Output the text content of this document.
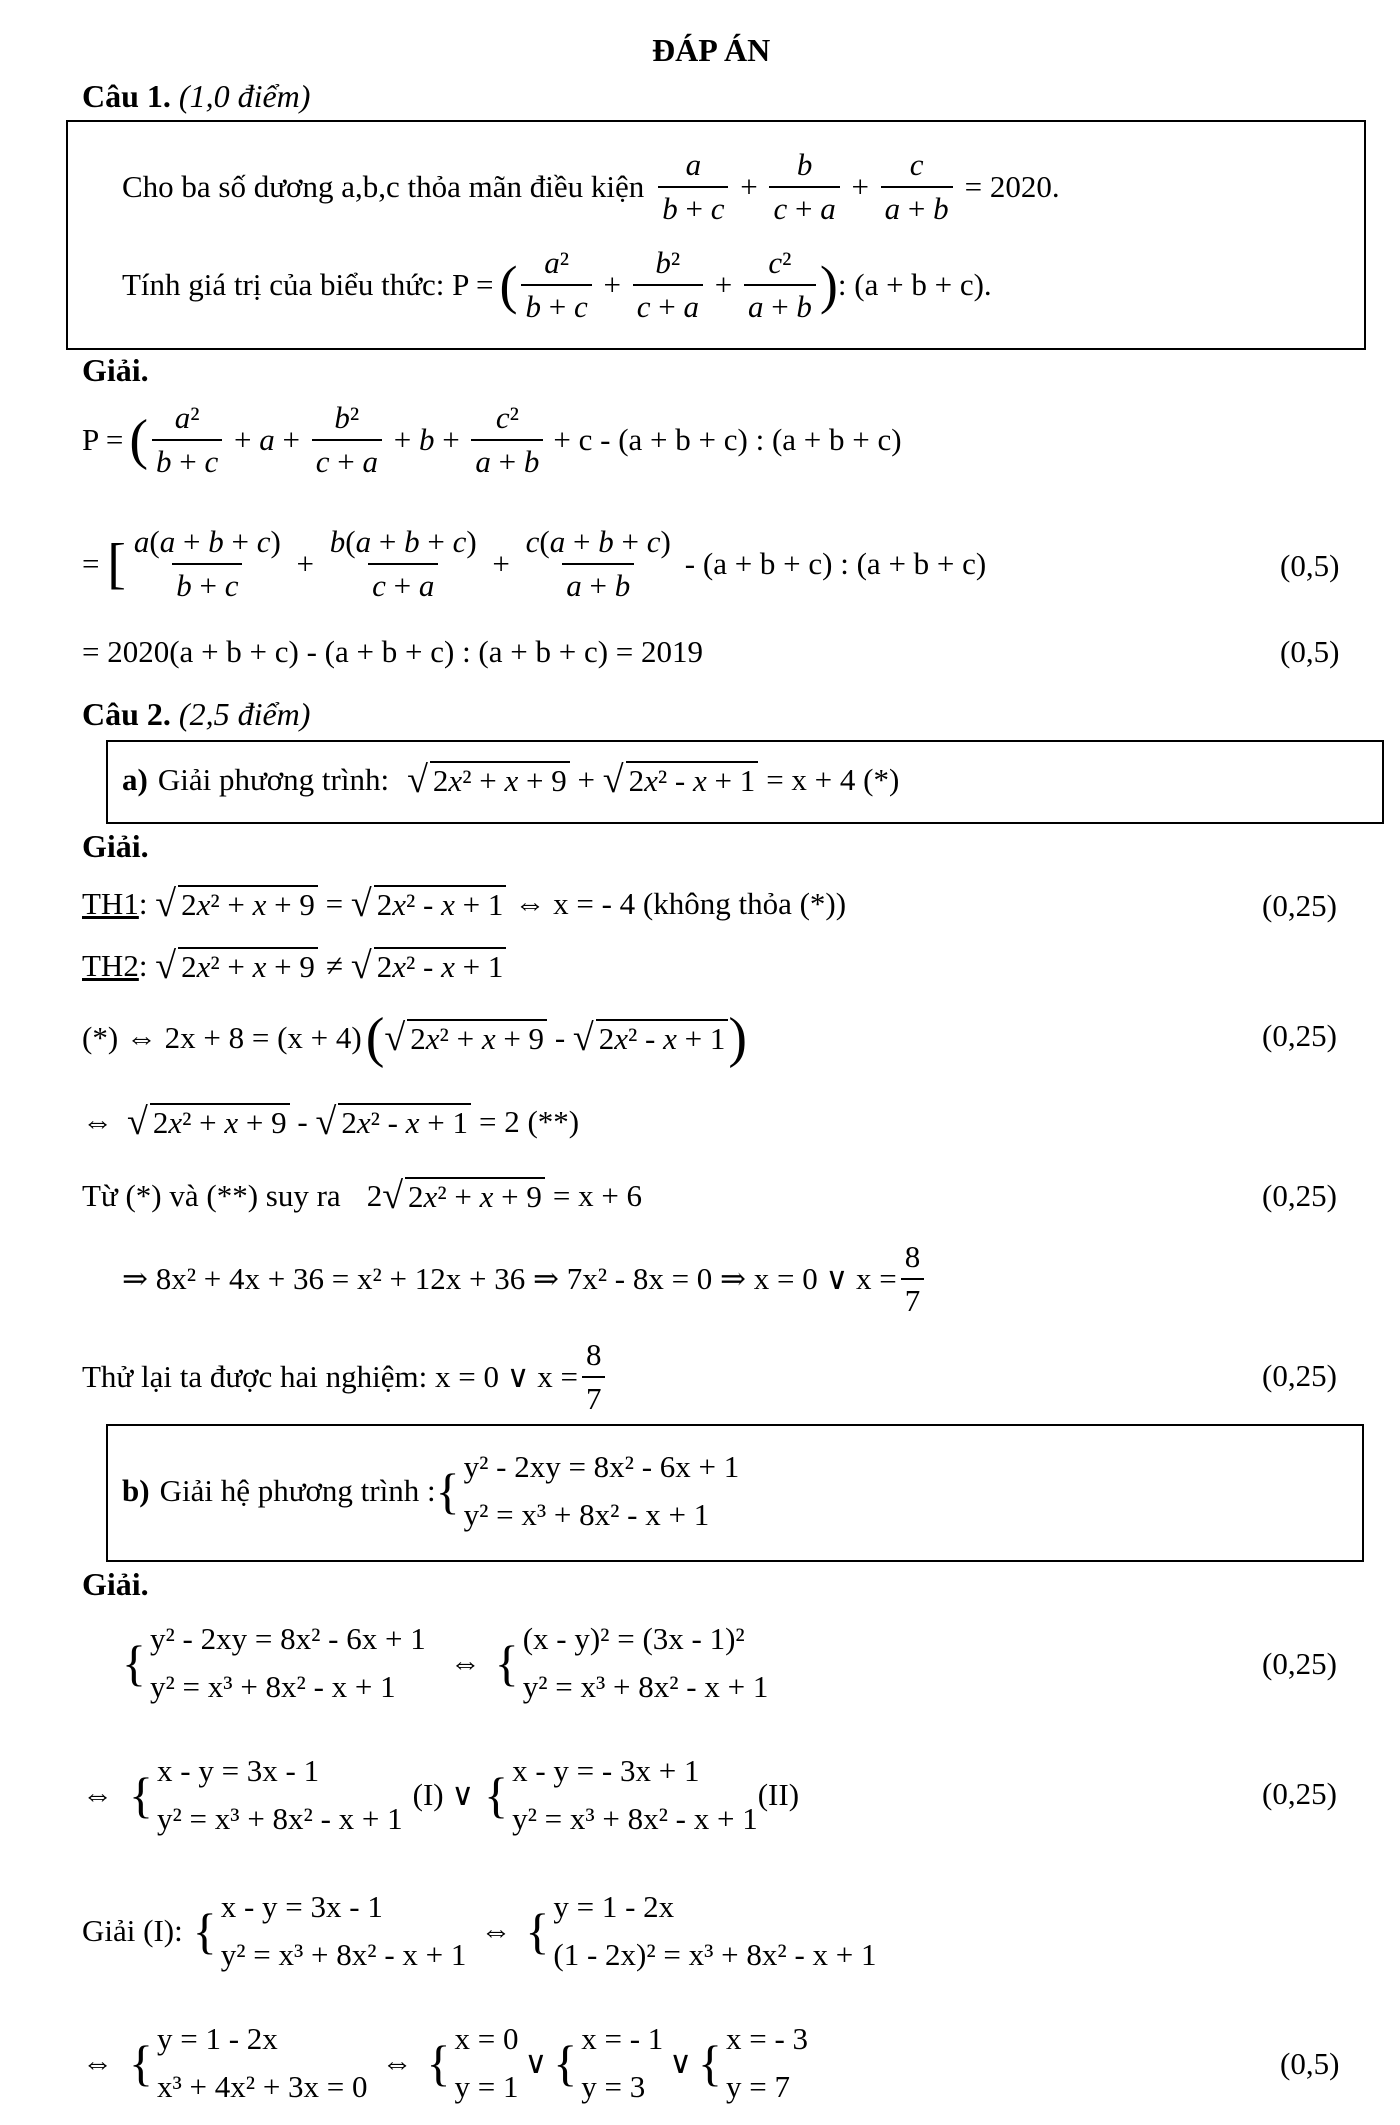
ĐÁP ÁN
Câu 1. (1,0 điểm)
Cho ba số dương a,b,c thỏa mãn điều kiện $\frac{a}{b + c} + \frac{b}{c + a} + \frac{c}{a + b} = 2020$.
Tính giá trị của biểu thức: P = ( $\frac{\text{a²}}{b + c} + \frac{\text{b²}}{c + a} + \frac{\text{c²}}{a + b}$ ) : (a + b + c).
Giải.
P = ( $\frac{\text{a²}}{b + c} + a + \frac{\text{b²}}{c + a} + b + \frac{\text{c²}}{a + b} + c - (a + b + c)$ : (a + b + c)
= [ $\frac{a(a + b + c)}{b + c} + \frac{b(a + b + c)}{c + a} + \frac{c(a + b + c)}{a + b} - (a + b + c)$ : (a + b + c)	(0,5)
= 2020(a + b + c) - (a + b + c) : (a + b + c) = 2019	(0,5)
Câu 2. (2,5 điểm)
a) Giải phương trình: √ 2x² + x + 9 + √ 2x² - x + 1 = x + 4 (*)
Giải.
TH1 : √ 2x² + x + 9 = √ 2x² - x + 1 ⇔ x = - 4 (không thỏa (*))	(0,25)
TH2 : √ 2x² + x + 9 ≠ √ 2x² - x + 1
(*) ⇔ 2x + 8 = (x + 4) ( √ 2x² + x + 9 - √ 2x² - x + 1 )	(0,25)
⇔ √ 2x² + x + 9 - √ 2x² - x + 1 = 2 (**)
Từ (*) và (**) suy ra 2 √ 2x² + x + 9 = x + 6	(0,25)
⇒ 8x² + 4x + 36 = x² + 12x + 36 ⇒ 7x² - 8x = 0 ⇒ x = 0 ∨ $x = \frac{8}{7}$
Thử lại ta được hai nghiệm: x = 0 ∨ $x = \frac{8}{7}$	(0,25)
b) Giải hệ phương trình : { y² - 2xy = 8x² - 6x + 1
y² = x³ + 8x² - x + 1
Giải.
{ y² - 2xy = 8x² - 6x + 1
y² = x³ + 8x² - x + 1
⇔ { (x - y)² = (3x - 1)²
y² = x³ + 8x² - x + 1
(0,25)
⇔ { x - y = 3x - 1
y² = x³ + 8x² - x + 1
(I) ∨ { x - y = - 3x + 1
y² = x³ + 8x² - x + 1
(II)	(0,25)
Giải (I): { x - y = 3x - 1
y² = x³ + 8x² - x + 1
⇔ { y = 1 - 2x
(1 - 2x)² = x³ + 8x² - x + 1
⇔ { y = 1 - 2x
x³ + 4x² + 3x = 0
⇔ { x = 0
y = 1
∨ { x = - 1
y = 3
∨ { x = - 3
y = 7
(0,5)
